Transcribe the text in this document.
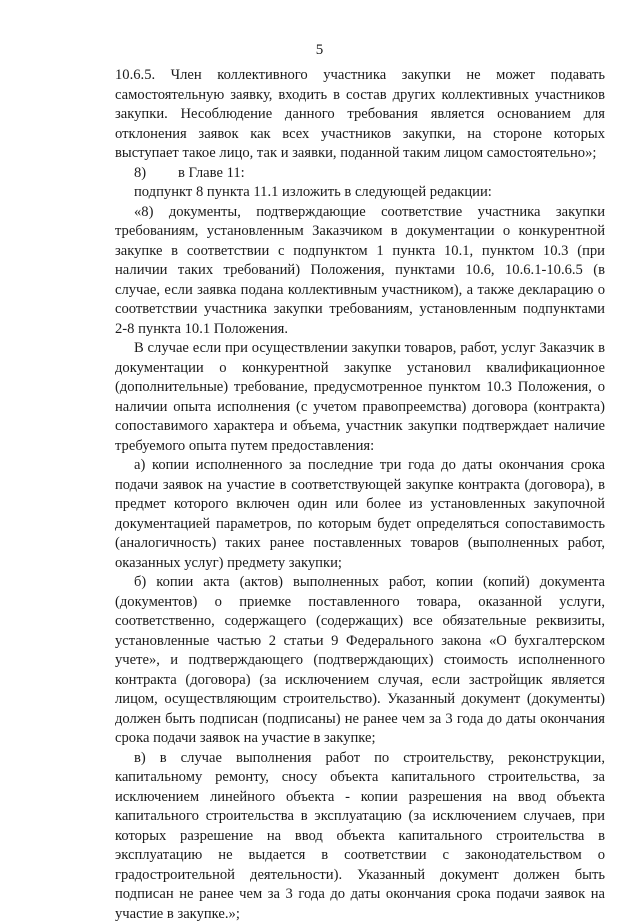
5

10.6.5. Член коллективного участника закупки не может подавать самостоятельную заявку, входить в состав других коллективных участников закупки. Несоблюдение данного требования является основанием для отклонения заявок как всех участников закупки, на стороне которых выступает такое лицо, так и заявки, поданной таким лицом самостоятельно»;

8) в Главе 11:

подпункт 8 пункта 11.1 изложить в следующей редакции:

«8) документы, подтверждающие соответствие участника закупки требованиям, установленным Заказчиком в документации о конкурентной закупке в соответствии с подпунктом 1 пункта 10.1, пунктом 10.3 (при наличии таких требований) Положения, пунктами 10.6, 10.6.1-10.6.5 (в случае, если заявка подана коллективным участником), а также декларацию о соответствии участника закупки требованиям, установленным подпунктами 2-8 пункта 10.1 Положения.

В случае если при осуществлении закупки товаров, работ, услуг Заказчик в документации о конкурентной закупке установил квалификационное (дополнительные) требование, предусмотренное пунктом 10.3 Положения, о наличии опыта исполнения (с учетом правопреемства) договора (контракта) сопоставимого характера и объема, участник закупки подтверждает наличие требуемого опыта путем предоставления:

а) копии исполненного за последние три года до даты окончания срока подачи заявок на участие в соответствующей закупке контракта (договора), в предмет которого включен один или более из установленных закупочной документацией параметров, по которым будет определяться сопоставимость (аналогичность) таких ранее поставленных товаров (выполненных работ, оказанных услуг) предмету закупки;

б) копии акта (актов) выполненных работ, копии (копий) документа (документов) о приемке поставленного товара, оказанной услуги, соответственно, содержащего (содержащих) все обязательные реквизиты, установленные частью 2 статьи 9 Федерального закона «О бухгалтерском учете», и подтверждающего (подтверждающих) стоимость исполненного контракта (договора) (за исключением случая, если застройщик является лицом, осуществляющим строительство). Указанный документ (документы) должен быть подписан (подписаны) не ранее чем за 3 года до даты окончания срока подачи заявок на участие в закупке;

в) в случае выполнения работ по строительству, реконструкции, капитальному ремонту, сносу объекта капитального строительства, за исключением линейного объекта - копии разрешения на ввод объекта капитального строительства в эксплуатацию (за исключением случаев, при которых разрешение на ввод объекта капитального строительства в эксплуатацию не выдается в соответствии с законодательством о градостроительной деятельности). Указанный документ должен быть подписан не ранее чем за 3 года до даты окончания срока подачи заявок на участие в закупке.»;
